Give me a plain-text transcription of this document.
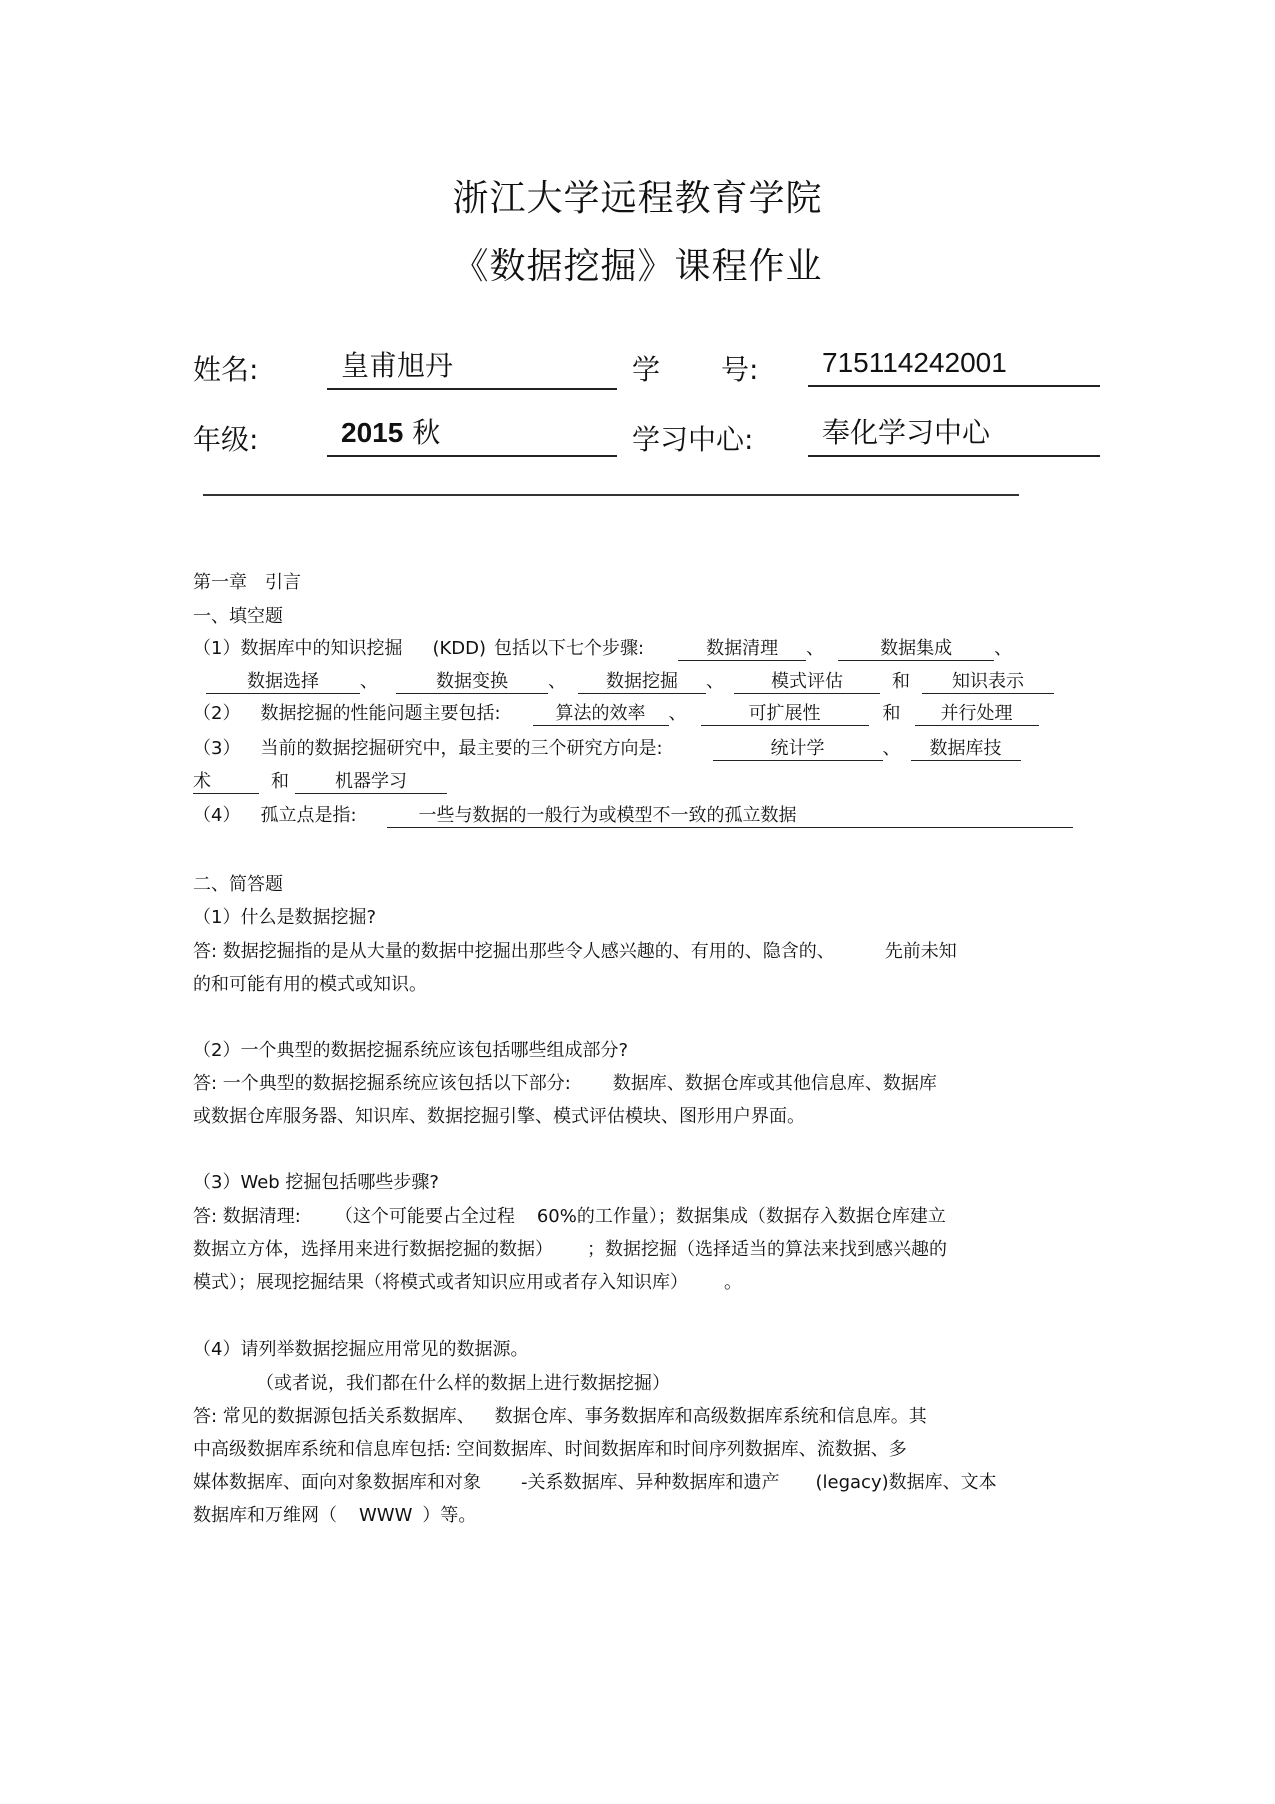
浙江大学远程教育学院
《数据挖掘》课程作业
姓名:	皇甫旭丹	学 号:	715114242001
年级:	2015 秋	学习中心:	奉化学习中心
第一章　引言
一、填空题
（1）数据库中的知识挖掘 (KDD) 包括以下七个步骤:	数据清理 、	数据集成 、
数据选择 、	数据变换 、 数据挖掘 、	模式评估	和 知识表示
（2） 数据挖掘的性能问题主要包括:	算法的效率 、	可扩展性	和 并行处理
（3） 当前的数据挖掘研究中，最主要的三个研究方向是:	统计学	、 数据库技
术	和	机器学习
（4） 孤立点是指:	一些与数据的一般行为或模型不一致的孤立数据
二、简答题
（1）什么是数据挖掘?
答: 数据挖掘指的是从大量的数据中挖掘出那些令人感兴趣的、有用的、隐含的、	先前未知
的和可能有用的模式或知识。
（2）一个典型的数据挖掘系统应该包括哪些组成部分?
答: 一个典型的数据挖掘系统应该包括以下部分: 数据库、数据仓库或其他信息库、数据库
或数据仓库服务器、知识库、数据挖掘引擎、模式评估模块、图形用户界面。
（3）Web 挖掘包括哪些步骤?
答: 数据清理: （这个可能要占全过程 60%的工作量）；数据集成（数据存入数据仓库建立
数据立方体，选择用来进行数据挖掘的数据） ；数据挖掘（选择适当的算法来找到感兴趣的
模式）；展现挖掘结果（将模式或者知识应用或者存入知识库） 。
（4）请列举数据挖掘应用常见的数据源。
（或者说，我们都在什么样的数据上进行数据挖掘）
答: 常见的数据源包括关系数据库、 数据仓库、事务数据库和高级数据库系统和信息库。其
中高级数据库系统和信息库包括: 空间数据库、时间数据库和时间序列数据库、流数据、多
媒体数据库、面向对象数据库和对象 -关系数据库、异种数据库和遗产 (legacy)数据库、文本
数据库和万维网（ WWW ）等。
